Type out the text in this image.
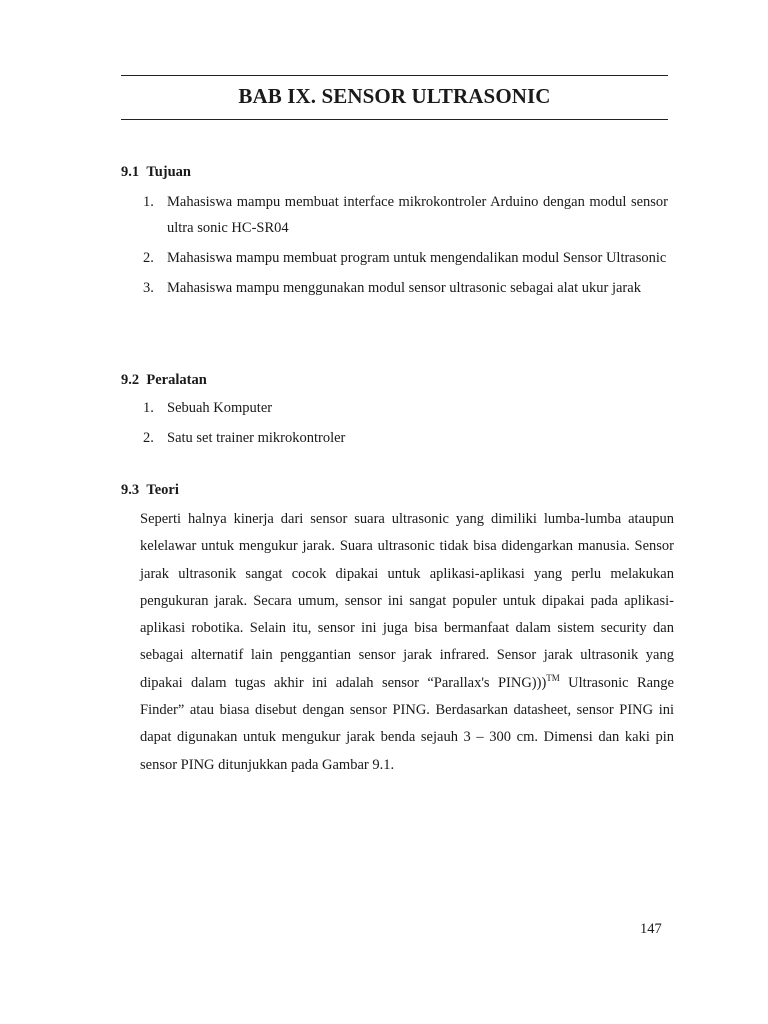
BAB IX. SENSOR ULTRASONIC
9.1 Tujuan
1. Mahasiswa mampu membuat interface mikrokontroler Arduino dengan modul sensor ultra sonic HC-SR04
2. Mahasiswa mampu membuat program untuk mengendalikan modul Sensor Ultrasonic
3. Mahasiswa mampu menggunakan modul sensor ultrasonic sebagai alat ukur jarak
9.2 Peralatan
1. Sebuah Komputer
2. Satu set trainer mikrokontroler
9.3 Teori

Seperti halnya kinerja dari sensor suara ultrasonic yang dimiliki lumba-lumba ataupun kelelawar untuk mengukur jarak. Suara ultrasonic tidak bisa didengarkan manusia. Sensor jarak ultrasonik sangat cocok dipakai untuk aplikasi-aplikasi yang perlu melakukan pengukuran jarak. Secara umum, sensor ini sangat populer untuk dipakai pada aplikasi-aplikasi robotika. Selain itu, sensor ini juga bisa bermanfaat dalam sistem security dan sebagai alternatif lain penggantian sensor jarak infrared. Sensor jarak ultrasonik yang dipakai dalam tugas akhir ini adalah sensor “Parallax's PING)))™ Ultrasonic Range Finder” atau biasa disebut dengan sensor PING. Berdasarkan datasheet, sensor PING ini dapat digunakan untuk mengukur jarak benda sejauh 3 – 300 cm. Dimensi dan kaki pin sensor PING ditunjukkan pada Gambar 9.1.

147
